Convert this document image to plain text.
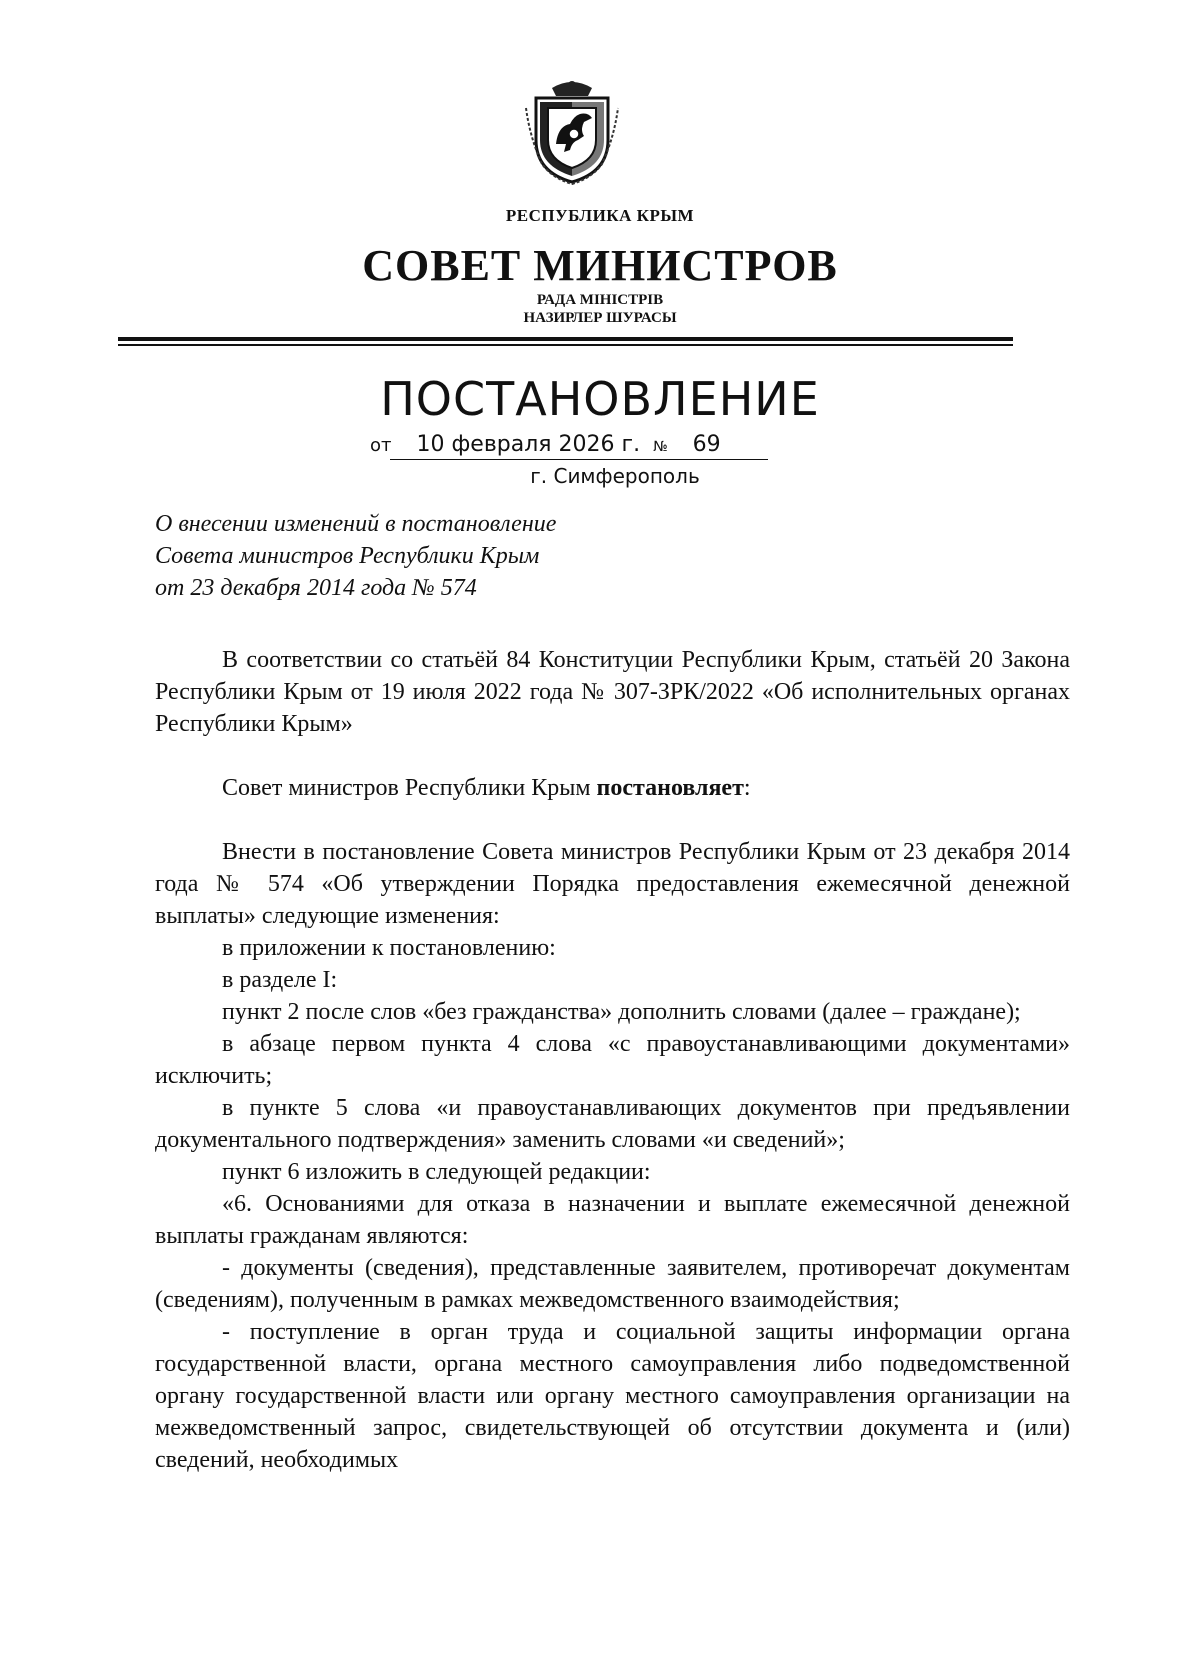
РЕСПУБЛИКА КРЫМ
СОВЕТ МИНИСТРОВ
РАДА МІНІСТРІВ
НАЗИРЛЕР ШУРАСЫ
ПОСТАНОВЛЕНИЕ
от 10 февраля 2026 г. № 69
г. Симферополь
О внесении изменений в постановление
Совета министров Республики Крым
от 23 декабря 2014 года № 574

В соответствии со статьёй 84 Конституции Республики Крым, статьёй 20 Закона Республики Крым от 19 июля 2022 года № 307-ЗРК/2022 «Об исполнительных органах Республики Крым»

Совет министров Республики Крым постановляет:

Внести в постановление Совета министров Республики Крым от 23 декабря 2014 года № 574 «Об утверждении Порядка предоставления ежемесячной денежной выплаты» следующие изменения:

в приложении к постановлению:

в разделе I:

пункт 2 после слов «без гражданства» дополнить словами (далее – граждане);

в абзаце первом пункта 4 слова «с правоустанавливающими документами» исключить;

в пункте 5 слова «и правоустанавливающих документов при предъявлении документального подтверждения» заменить словами «и сведений»;

пункт 6 изложить в следующей редакции:

«6. Основаниями для отказа в назначении и выплате ежемесячной денежной выплаты гражданам являются:

- документы (сведения), представленные заявителем, противоречат документам (сведениям), полученным в рамках межведомственного взаимодействия;

- поступление в орган труда и социальной защиты информации органа государственной власти, органа местного самоуправления либо подведомственной органу государственной власти или органу местного самоуправления организации на межведомственный запрос, свидетельствующей об отсутствии документа и (или) сведений, необходимых
